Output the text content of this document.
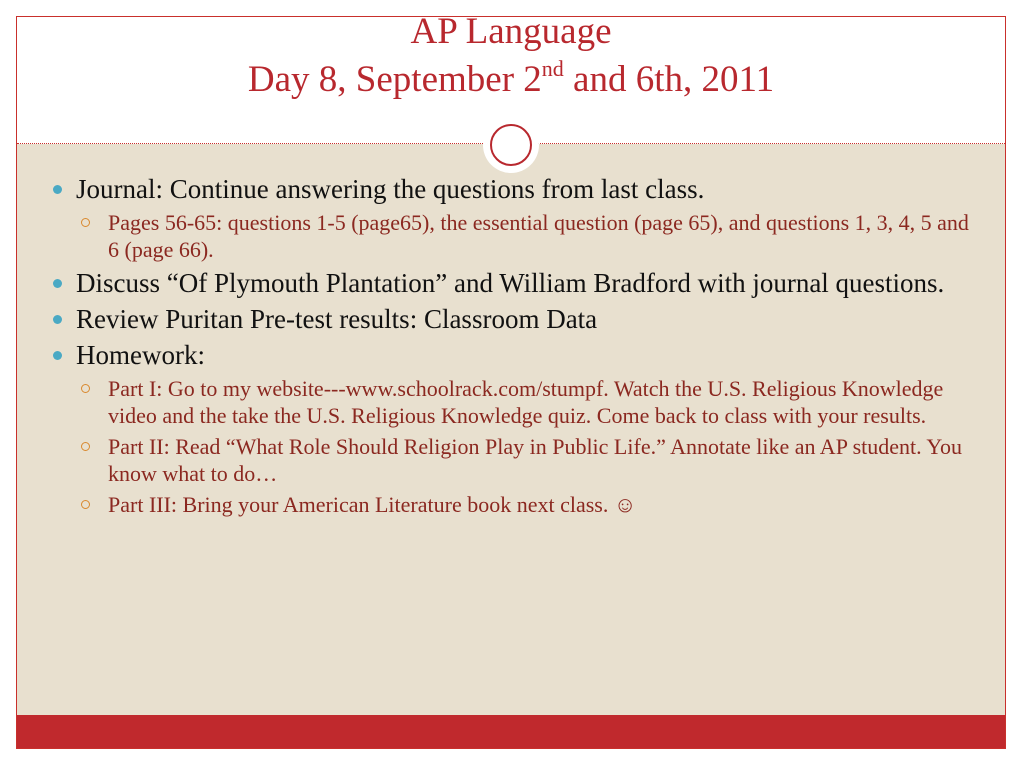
AP Language
Day 8, September 2nd and 6th, 2011
Journal: Continue answering the questions from last class.
Pages 56-65: questions 1-5 (page65), the essential question (page 65), and questions 1, 3, 4, 5 and 6 (page 66).
Discuss “Of Plymouth Plantation” and William Bradford with journal questions.
Review Puritan Pre-test results: Classroom Data
Homework:
Part I: Go to my website---www.schoolrack.com/stumpf. Watch the U.S. Religious Knowledge video and the take the U.S. Religious Knowledge quiz. Come back to class with your results.
Part II: Read “What Role Should Religion Play in Public Life.” Annotate like an AP student. You know what to do…
Part III: Bring your American Literature book next class. ☺
